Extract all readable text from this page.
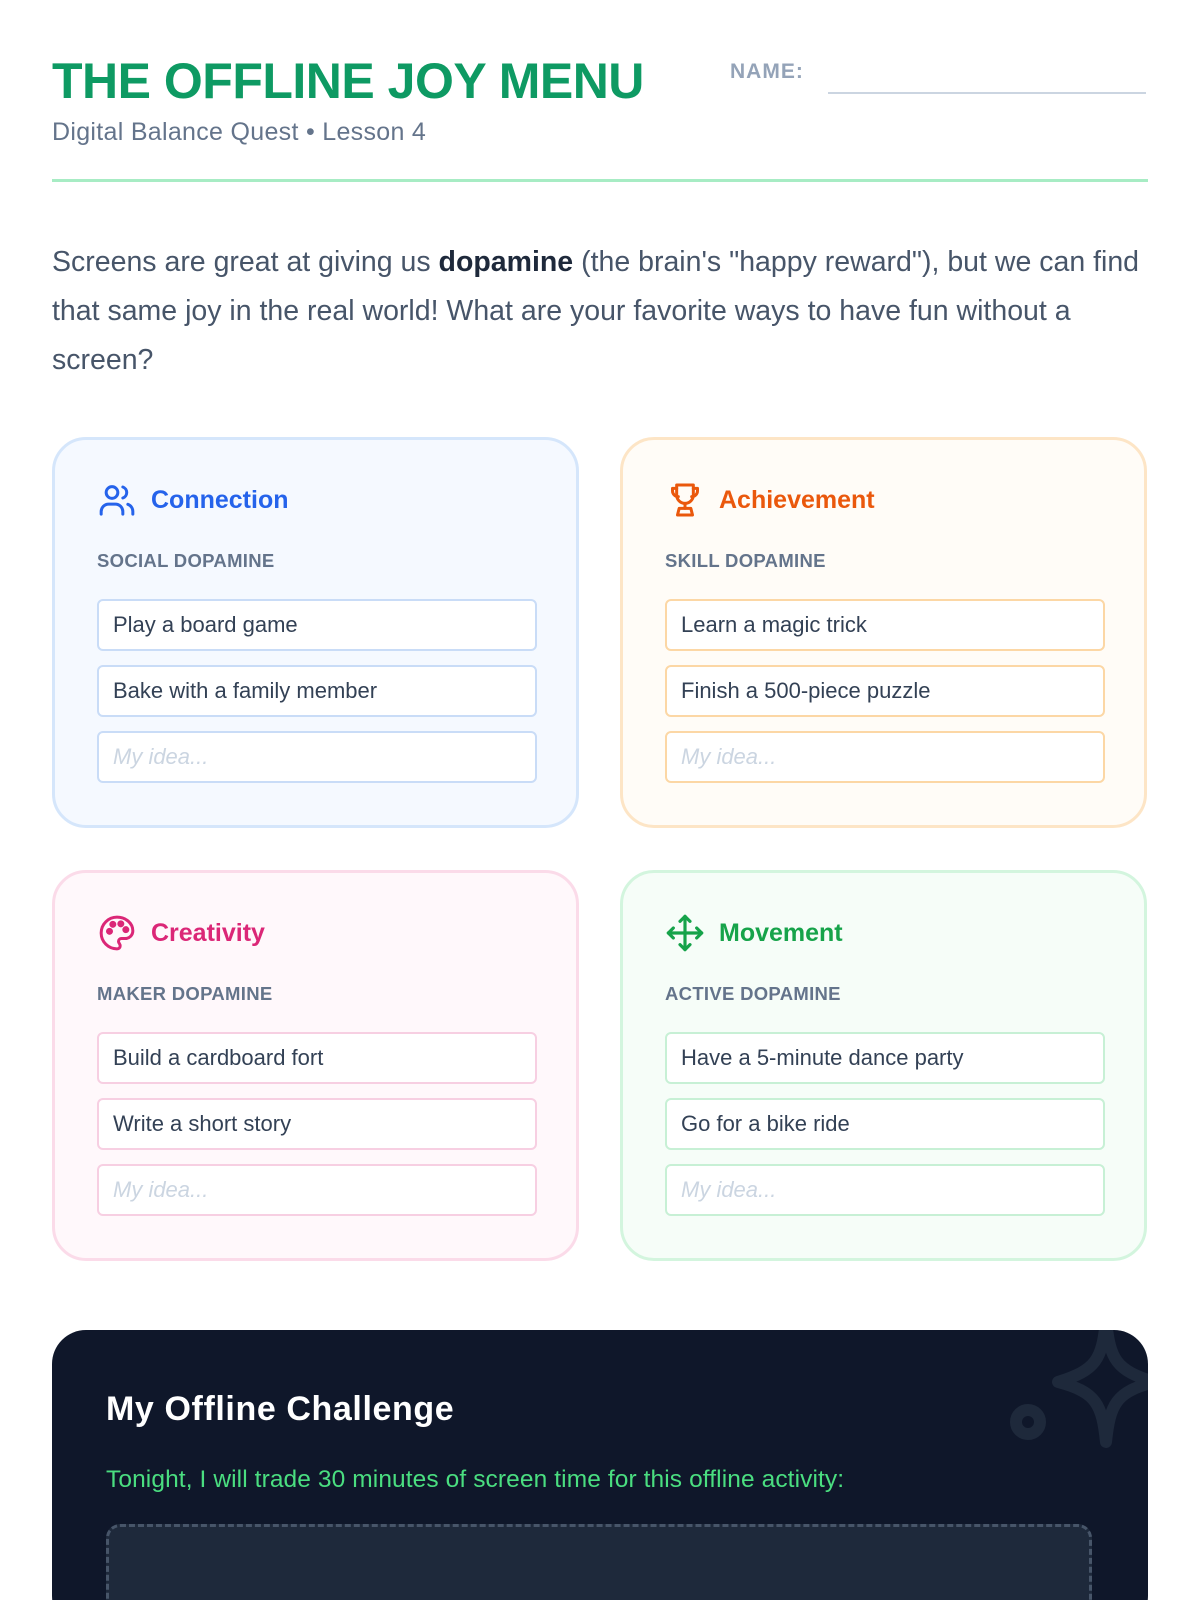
THE OFFLINE JOY MENU
Digital Balance Quest • Lesson 4
NAME:

Screens are great at giving us dopamine (the brain's "happy reward"), but we can find that same joy in the real world! What are your favorite ways to have fun without a screen?

Connection
SOCIAL DOPAMINE
Play a board game
Bake with a family member
My idea...
Achievement
SKILL DOPAMINE
Learn a magic trick
Finish a 500-piece puzzle
My idea...
Creativity
MAKER DOPAMINE
Build a cardboard fort
Write a short story
My idea...
Movement
ACTIVE DOPAMINE
Have a 5-minute dance party
Go for a bike ride
My idea...
My Offline Challenge
Tonight, I will trade 30 minutes of screen time for this offline activity:
